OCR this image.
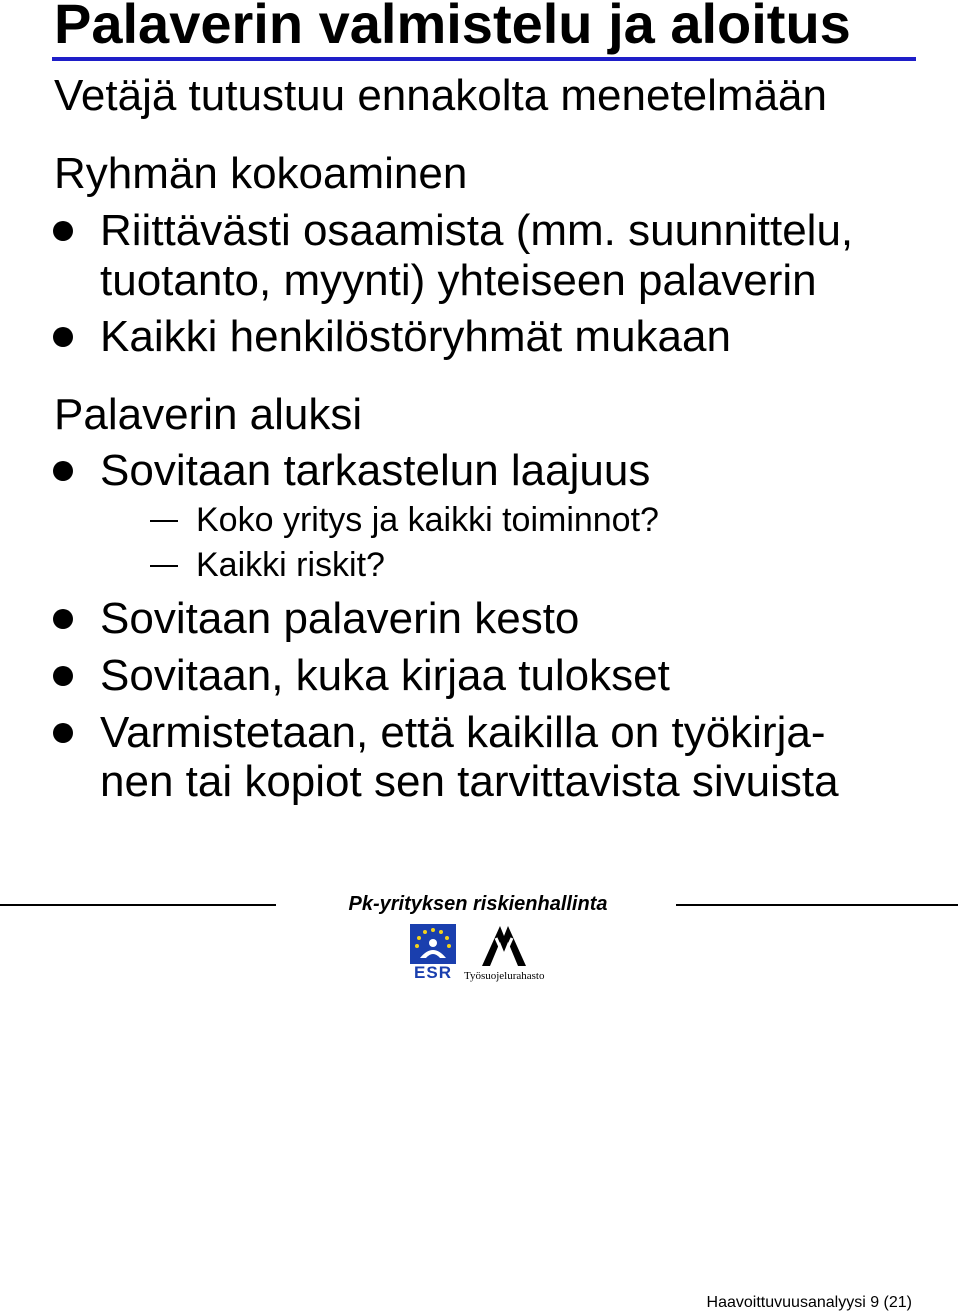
Palaverin valmistelu ja aloitus
Vetäjä tutustuu ennakolta menetelmään
Ryhmän kokoaminen
Riittävästi osaamista (mm. suunnittelu,
tuotanto, myynti) yhteiseen palaverin
Kaikki henkilöstöryhmät mukaan
Palaverin aluksi
Sovitaan tarkastelun laajuus
Koko yritys ja kaikki toiminnot?
Kaikki riskit?
Sovitaan palaverin kesto
Sovitaan, kuka kirjaa tulokset
Varmistetaan, että kaikilla on työkirja-
nen tai kopiot sen tarvittavista sivuista
Pk-yrityksen riskienhallinta
ESR	Työsuojelurahasto
Haavoittuvuusanalyysi 9 (21)
